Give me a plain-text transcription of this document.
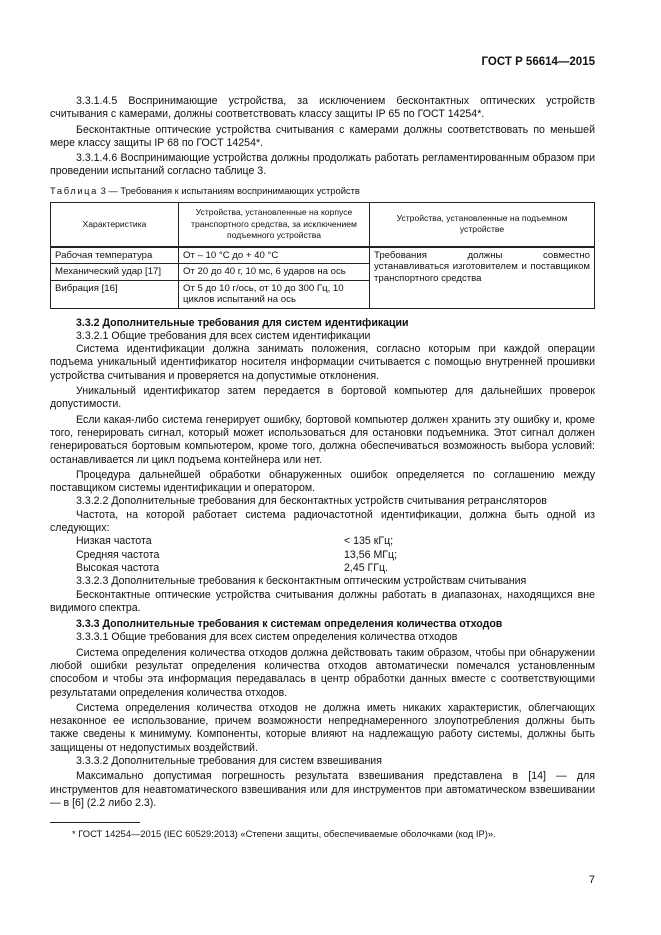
ГОСТ Р 56614—2015

3.3.1.4.5 Воспринимающие устройства, за исключением бесконтактных оптических устройств считывания с камерами, должны соответствовать классу защиты IP 65 по ГОСТ 14254*.

Бесконтактные оптические устройства считывания с камерами должны соответствовать по меньшей мере классу защиты IP 68 по ГОСТ 14254*.

3.3.1.4.6 Воспринимающие устройства должны продолжать работать регламентированным образом при проведении испытаний согласно таблице 3.

Таблица 3 — Требования к испытаниям воспринимающих устройств
Характеристика	Устройства, установленные на корпусе транспортного средства, за исключением подъемного устройства	Устройства, установленные на подъемном устройстве
Рабочая температура	От – 10 °С до + 40 °С	Требования должны совместно устанавливаться изготовителем и поставщиком транспортного средства
Механический удар [17]	От 20 до 40 г, 10 мс, 6 ударов на ось	
Вибрация [16]	От 5 до 10 г/ось, от 10 до 300 Гц, 10 циклов испытаний на ось	

3.3.2 Дополнительные требования для систем идентификации

3.3.2.1 Общие требования для всех систем идентификации

Система идентификации должна занимать положения, согласно которым при каждой операции подъема уникальный идентификатор носителя информации считывается с помощью внутренней прошивки устройства считывания и проверяется на допустимые отклонения.

Уникальный идентификатор затем передается в бортовой компьютер для дальнейших проверок допустимости.

Если какая-либо система генерирует ошибку, бортовой компьютер должен хранить эту ошибку и, кроме того, генерировать сигнал, который может использоваться для остановки подъемника. Этот сигнал должен генерироваться бортовым компьютером, кроме того, должна обеспечиваться возможность выбора условий: останавливается ли цикл подъема контейнера или нет.

Процедура дальнейшей обработки обнаруженных ошибок определяется по соглашению между поставщиком системы идентификации и оператором.

3.3.2.2 Дополнительные требования для бесконтактных устройств считывания ретрансляторов

Частота, на которой работает система радиочастотной идентификации, должна быть одной из следующих:

Низкая частота	< 135 кГц;
Средняя частота	13,56 МГц;
Высокая частота	2,45 ГГц.

3.3.2.3 Дополнительные требования к бесконтактным оптическим устройствам считывания

Бесконтактные оптические устройства считывания должны работать в диапазонах, находящихся вне видимого спектра.

3.3.3 Дополнительные требования к системам определения количества отходов

3.3.3.1 Общие требования для всех систем определения количества отходов

Система определения количества отходов должна действовать таким образом, чтобы при обнаружении любой ошибки результат определения количества отходов автоматически помечался установленным способом и чтобы эта информация передавалась в центр обработки данных вместе с соответствующими результатами определения количества отходов.

Система определения количества отходов не должна иметь никаких характеристик, облегчающих незаконное ее использование, причем возможности непреднамеренного злоупотребления должны быть также сведены к минимуму. Компоненты, которые влияют на надлежащую работу системы, должны быть защищены от недопустимых воздействий.

3.3.3.2 Дополнительные требования для систем взвешивания

Максимально допустимая погрешность результата взвешивания представлена в [14] — для инструментов для неавтоматического взвешивания или для инструментов при автоматическом взвешивании — в [6] (2.2 либо 2.3).

* ГОСТ 14254—2015 (IEC 60529:2013) «Степени защиты, обеспечиваемые оболочками (код IP)».
7
